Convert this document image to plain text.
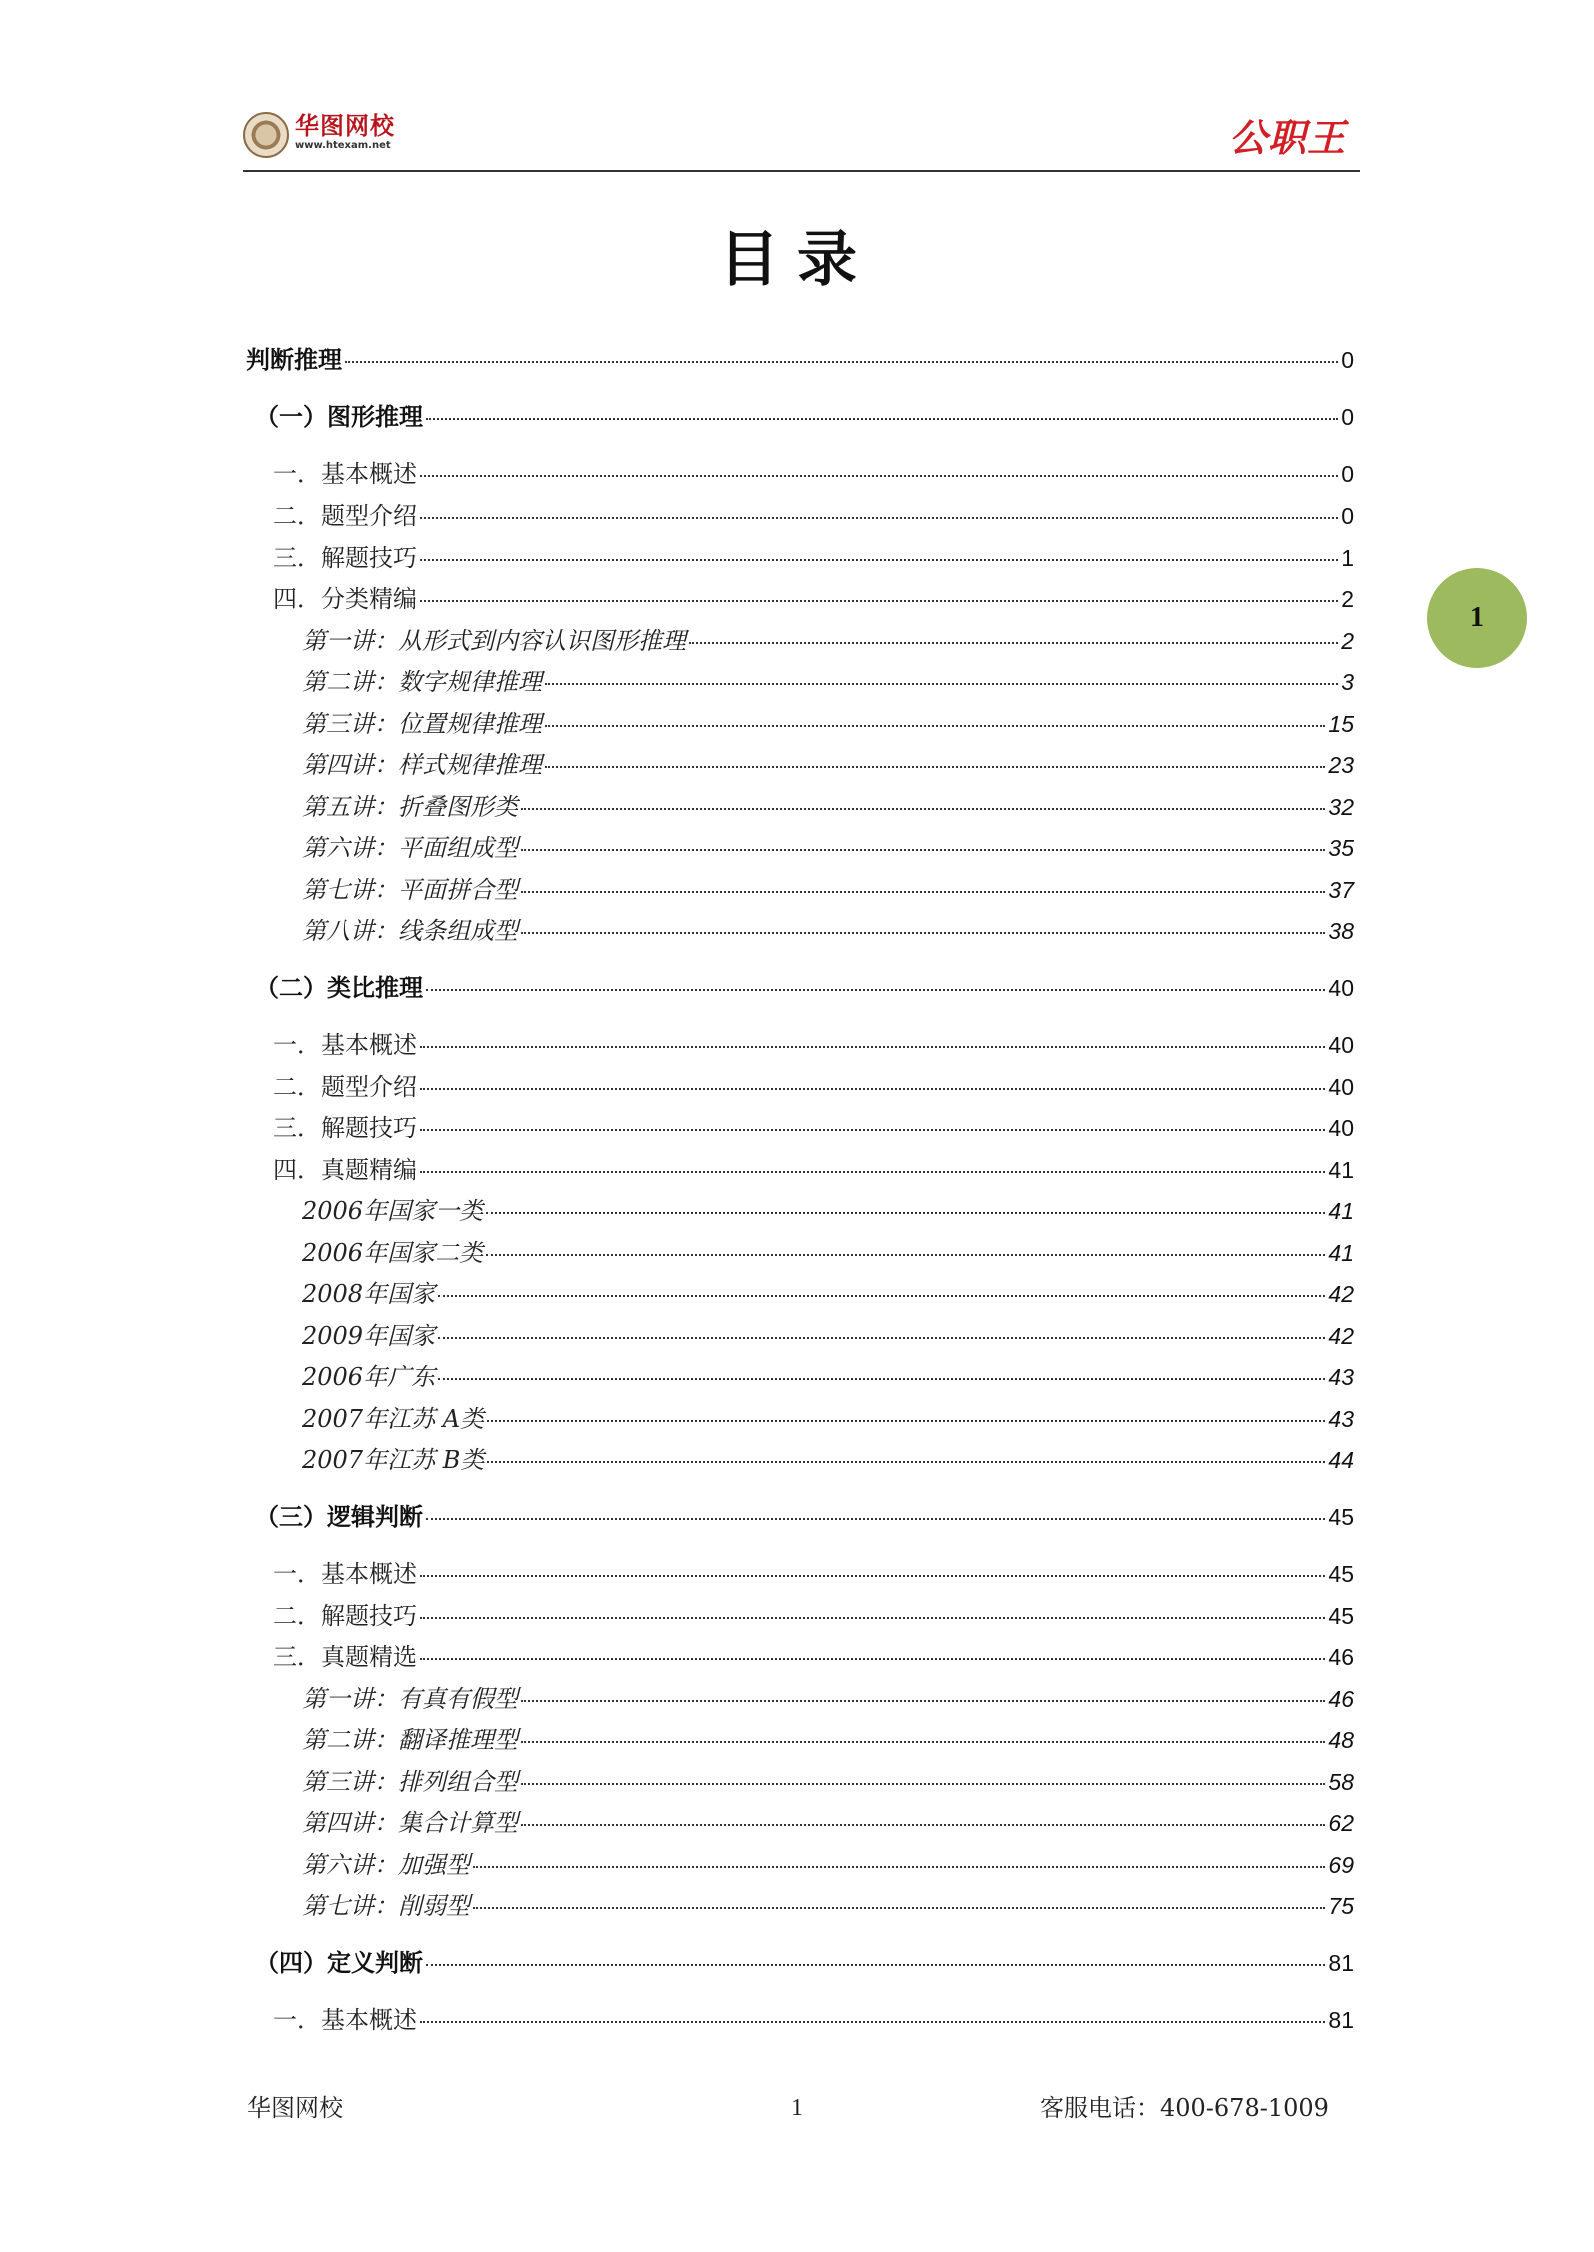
华图网校
www.htexam.net	公职王
目录
1
判断推理	0
（一）图形推理	0
一．基本概述	0
二．题型介绍	0
三．解题技巧	1
四．分类精编	2
第一讲：从形式到内容认识图形推理	2
第二讲：数字规律推理	3
第三讲：位置规律推理	15
第四讲：样式规律推理	23
第五讲：折叠图形类	32
第六讲：平面组成型	35
第七讲：平面拼合型	37
第八讲：线条组成型	38
（二）类比推理	40
一．基本概述	40
二．题型介绍	40
三．解题技巧	40
四．真题精编	41
2006年国家一类	41
2006年国家二类	41
2008年国家	42
2009年国家	42
2006年广东	43
2007年江苏 A类	43
2007年江苏 B类	44
（三）逻辑判断	45
一．基本概述	45
二．解题技巧	45
三．真题精选	46
第一讲：有真有假型	46
第二讲：翻译推理型	48
第三讲：排列组合型	58
第四讲：集合计算型	62
第六讲：加强型	69
第七讲：削弱型	75
（四）定义判断	81
一．基本概述	81
华图网校	1	客服电话：400-678-1009
